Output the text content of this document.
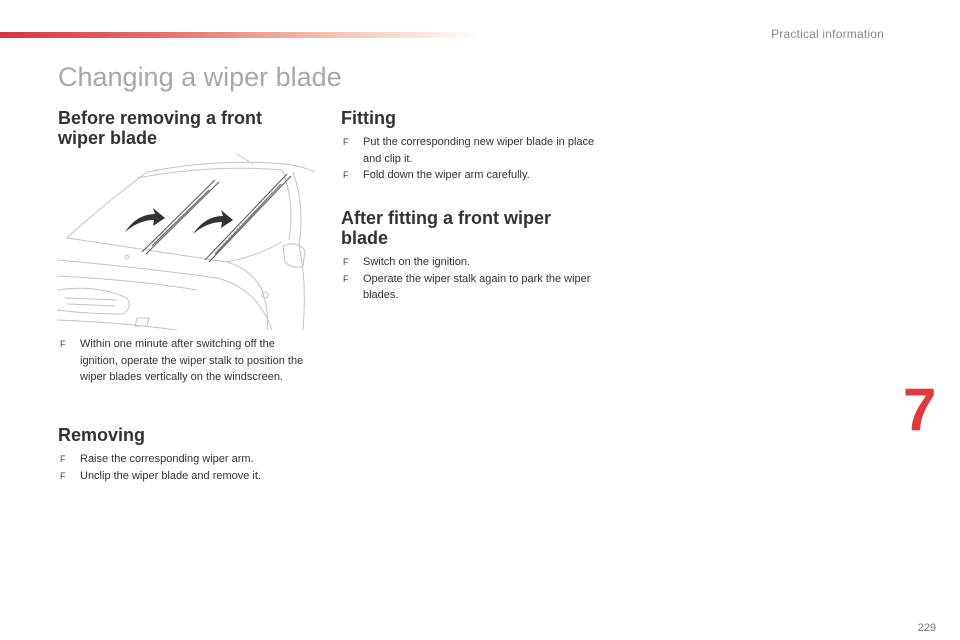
Practical information
Changing a wiper blade
Before removing a front wiper blade
F Within one minute after switching off the ignition, operate the wiper stalk to position the wiper blades vertically on the windscreen.
Removing
F Raise the corresponding wiper arm.
F Unclip the wiper blade and remove it.
Fitting
F Put the corresponding new wiper blade in place and clip it.
F Fold down the wiper arm carefully.
After fitting a front wiper blade
F Switch on the ignition.
F Operate the wiper stalk again to park the wiper blades.
7
229
